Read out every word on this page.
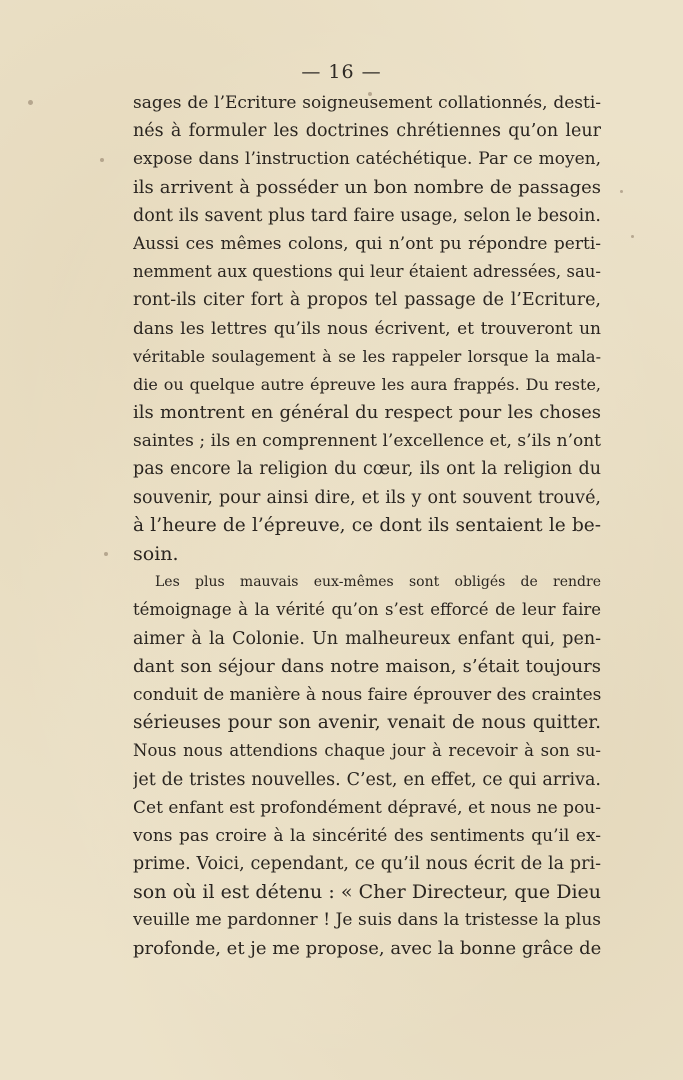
— 16 —
sages de l’Ecriture soigneusement collationnés, desti-
nés à formuler les doctrines chrétiennes qu’on leur
expose dans l’instruction catéchétique. Par ce moyen,
ils arrivent à posséder un bon nombre de passages
dont ils savent plus tard faire usage, selon le besoin.
Aussi ces mêmes colons, qui n’ont pu répondre perti-
nemment aux questions qui leur étaient adressées, sau-
ront-ils citer fort à propos tel passage de l’Ecriture,
dans les lettres qu’ils nous écrivent, et trouveront un
véritable soulagement à se les rappeler lorsque la mala-
die ou quelque autre épreuve les aura frappés. Du reste,
ils montrent en général du respect pour les choses
saintes ; ils en comprennent l’excellence et, s’ils n’ont
pas encore la religion du cœur, ils ont la religion du
souvenir, pour ainsi dire, et ils y ont souvent trouvé,
à l’heure de l’épreuve, ce dont ils sentaient le be-
soin.
Les plus mauvais eux-mêmes sont obligés de rendre
témoignage à la vérité qu’on s’est efforcé de leur faire
aimer à la Colonie. Un malheureux enfant qui, pen-
dant son séjour dans notre maison, s’était toujours
conduit de manière à nous faire éprouver des craintes
sérieuses pour son avenir, venait de nous quitter.
Nous nous attendions chaque jour à recevoir à son su-
jet de tristes nouvelles. C’est, en effet, ce qui arriva.
Cet enfant est profondément dépravé, et nous ne pou-
vons pas croire à la sincérité des sentiments qu’il ex-
prime. Voici, cependant, ce qu’il nous écrit de la pri-
son où il est détenu : « Cher Directeur, que Dieu
veuille me pardonner ! Je suis dans la tristesse la plus
profonde, et je me propose, avec la bonne grâce de
